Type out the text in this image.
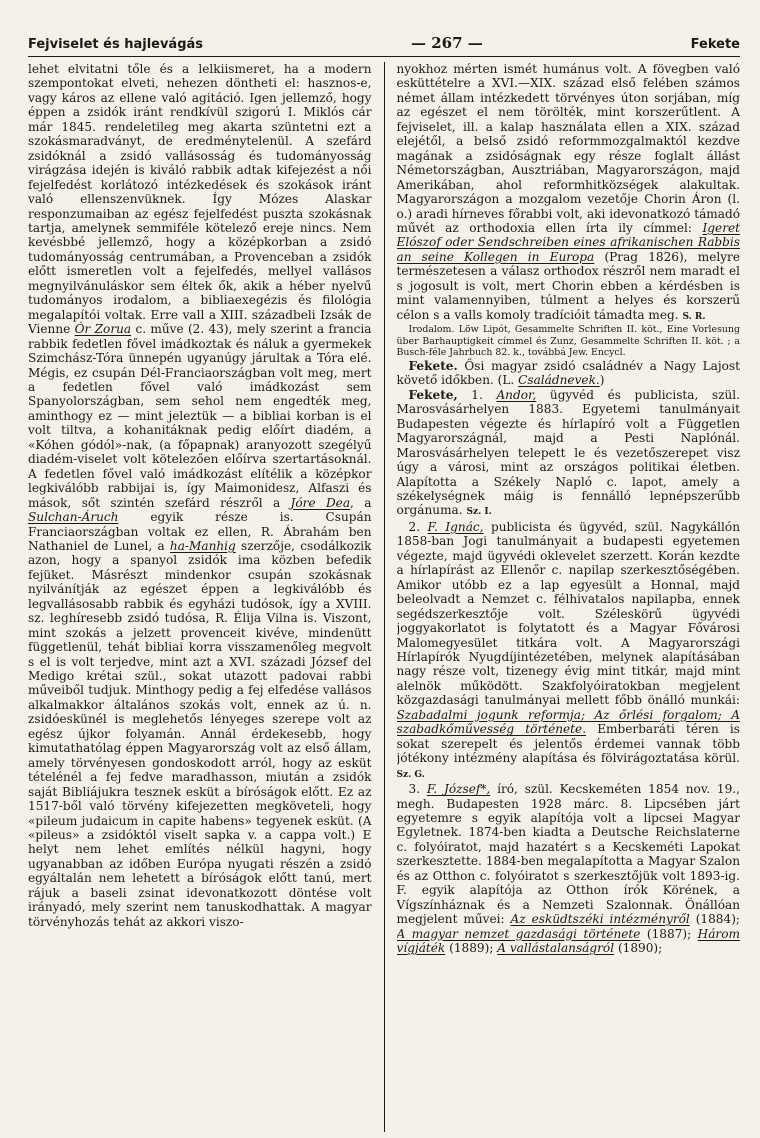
Fejviselet és hajlevágás	— 267 —	Fekete

lehet elvitatni tőle és a lelkiismeret, ha a modern szempontokat elveti, nehezen döntheti el: hasznos-e, vagy káros az ellene való agitáció. Igen jellemző, hogy éppen a zsidók iránt rendkívül szigorú I. Miklós cár már 1845. rendeletileg meg akarta szüntetni ezt a szokásmaradványt, de eredménytelenül. A szefárd zsidóknál a zsidó vallásosság és tudományosság virágzása idején is kiváló rabbik adtak kifejezést a női fejelfedést korlátozó intézkedések és szokások iránt való ellenszenvüknek. Így Mózes Alaskar responzumaiban az egész fejelfedést puszta szokásnak tartja, amelynek semmiféle kötelező ereje nincs. Nem kevésbbé jellemző, hogy a középkorban a zsidó tudományosság centrumában, a Provenceban a zsidók előtt ismeretlen volt a fejelfedés, mellyel vallásos megnyilvánuláskor sem éltek ők, akik a héber nyelvű tudományos irodalom, a bibliaexegézis és filológia megalapítói voltak. Erre vall a XIII. századbeli Izsák de Vienne Ór Zorua c. műve (2. 43), mely szerint a francia rabbik fedetlen fővel imádkoztak és náluk a gyermekek Szimchász-Tóra ünnepén ugyanúgy járultak a Tóra elé. Mégis, ez csupán Dél-Franciaországban volt meg, mert a fedetlen fővel való imádkozást sem Spanyolországban, sem sehol nem engedték meg, aminthogy ez — mint jeleztük — a bibliai korban is el volt tiltva, a kohanitáknak pedig előírt diadém, a «Kóhen gódól»-nak, (a főpapnak) aranyozott szegélyű diadém-viselet volt kötelezően előírva szertartásoknál. A fedetlen fővel való imádkozást elítélik a középkor legkiválóbb rabbijai is, így Maimonidesz, Alfaszi és mások, sőt szintén szefárd részről a Jóre Dea, a Sulchan-Áruch	egyik része is. Csupán Franciaországban voltak ez ellen, R. Ábrahám ben Nathaniel de Lunel, a ha-Manhig szerzője, csodálkozik azon, hogy a spanyol zsidók ima közben befedik fejüket. Másrészt mindenkor csupán szokásnak nyilvánítják az egészet éppen a legkiválóbb és legvallásosabb rabbik és egyházi tudósok, így a XVIII. sz. leghíresebb zsidó tudósa, R. Élija Vilna is. Viszont, mint szokás a jelzett provenceit kivéve, mindenütt függetlenül, tehát bibliai korra visszamenőleg megvolt s el is volt terjedve, mint azt a XVI. századi József del Medigo krétai szül., sokat utazott padovai rabbi műveiből tudjuk. Minthogy pedig a fej elfedése vallásos alkalmakkor általános szokás volt, ennek az ú. n. zsidóeskünél is meglehetős lényeges szerepe volt az egész újkor folyamán. Annál érdekesebb, hogy kimutathatólag éppen Magyarország volt az első állam, amely törvényesen gondoskodott arról, hogy az esküt tételénél a fej fedve maradhasson, miután a zsidók saját Bibliájukra tesznek esküt a bíróságok előtt. Ez az 1517-ből való törvény kifejezetten megköveteli, hogy «pileum judaicum in capite habens» tegyenek esküt. (A «pileus» a zsidóktól viselt sapka v. a cappa volt.) E helyt nem lehet említés nélkül hagyni, hogy ugyanabban az időben Európa nyugati részén a zsidó egyáltalán nem lehetett a bíróságok előtt tanú, mert rájuk a baseli zsinat idevonatkozott döntése volt irányadó, mely szerint nem tanuskodhattak. A magyar törvényhozás tehát az akkori viszo-

nyokhoz mérten ismét humánus volt. A fövegben való esküttételre a XVI.—XIX. század első felében számos német állam intézkedett törvényes úton sorjában, míg az egészet el nem törölték, mint korszerűtlent. A fejviselet, ill. a kalap használata ellen a XIX. század elejétől, a belső zsidó reformmozgalmaktól kezdve magának a zsidóságnak egy része foglalt állást Németországban, Ausztriában, Magyarországon, majd Amerikában, ahol reformhitközségek alakultak. Magyarországon a mozgalom vezetője Chorin Áron (l. o.) aradi hírneves főrabbi volt, aki idevonatkozó támadó művét az orthodoxia ellen írta ily címmel: Igeret Elószof oder Sendschreiben eines afrikanischen Rabbis an seine Kollegen in Europa (Prag 1826), melyre természetesen a válasz orthodox részről nem maradt el s jogosult is volt, mert Chorin ebben a kérdésben is mint valamennyiben, túlment a helyes és korszerű célon s a valls komoly tradícióit támadta meg. S. R.

Irodalom. Löw Lipót, Gesammelte Schriften II. köt., Eine Vorlesung über Barhauptigkeit címmel és Zunz, Gesammelte Schriften II. köt. ; a Busch-féle Jahrbuch 82. k., továbbá Jew. Encycl.

Fekete. Ősi magyar zsidó családnév a Nagy Lajost követő időkben. (L. Családnevek.)

Fekete, 1. Andor, ügyvéd és publicista, szül. Marosvásárhelyen 1883. Egyetemi tanulmányait Budapesten végezte és hírlapíró volt a Független Magyarországnál, majd a Pesti Naplónál. Marosvásárhelyen telepett le és vezetőszerepet visz úgy a városi, mint az országos politikai életben. Alapította a Székely Napló c. lapot, amely a székelységnek máig is fennálló lepnépszerűbb orgánuma. Sz. I.

2. F. Ignác, publicista és ügyvéd, szül. Nagykállón 1858-ban Jogi tanulmányait a budapesti egyetemen végezte, majd ügyvédi oklevelet szerzett. Korán kezdte a hírlapírást az Ellenőr c. napilap szerkesztőségében. Amikor utóbb ez a lap egyesült a Honnal, majd beleolvadt a Nemzet c. félhivatalos napilapba, ennek segédszerkesztője volt. Széleskörű ügyvédi joggyakorlatot is folytatott és a Magyar Fővárosi Malomegyesület titkára volt. A Magyarországi Hírlapírók Nyugdíjintézetében, melynek alapításában nagy része volt, tizenegy évig mint titkár, majd mint alelnök működött. Szakfolyóiratokban megjelent közgazdasági tanulmányai mellett főbb önálló munkái: Szabadalmi jogunk reformja; Az őrlési forgalom; A szabadkőművesség története. Emberbaráti téren is sokat szerepelt és jelentős érdemei vannak több jótékony intézmény alapítása és fölvirágoztatása körül. Sz. G.

3. F. József*, író, szül. Kecskeméten 1854 nov. 19., megh. Budapesten 1928 márc. 8. Lipcsében járt egyetemre s egyik alapítója volt a lipcsei Magyar Egyletnek. 1874-ben kiadta a Deutsche Reichslaterne c. folyóiratot, majd hazatért s a Kecskeméti Lapokat szerkesztette. 1884-ben megalapította a Magyar Szalon és az Otthon c. folyóiratot s szerkesztőjük volt 1893-ig. F. egyik alapítója az Otthon írók Körének, a Vígszínháznak és a Nemzeti Szalonnak. Önállóan megjelent művei: Az esküdtszéki intézményről (1884); A magyar nemzet gazdasági története (1887); Három vígjáték (1889); A vallástalanságról (1890);
